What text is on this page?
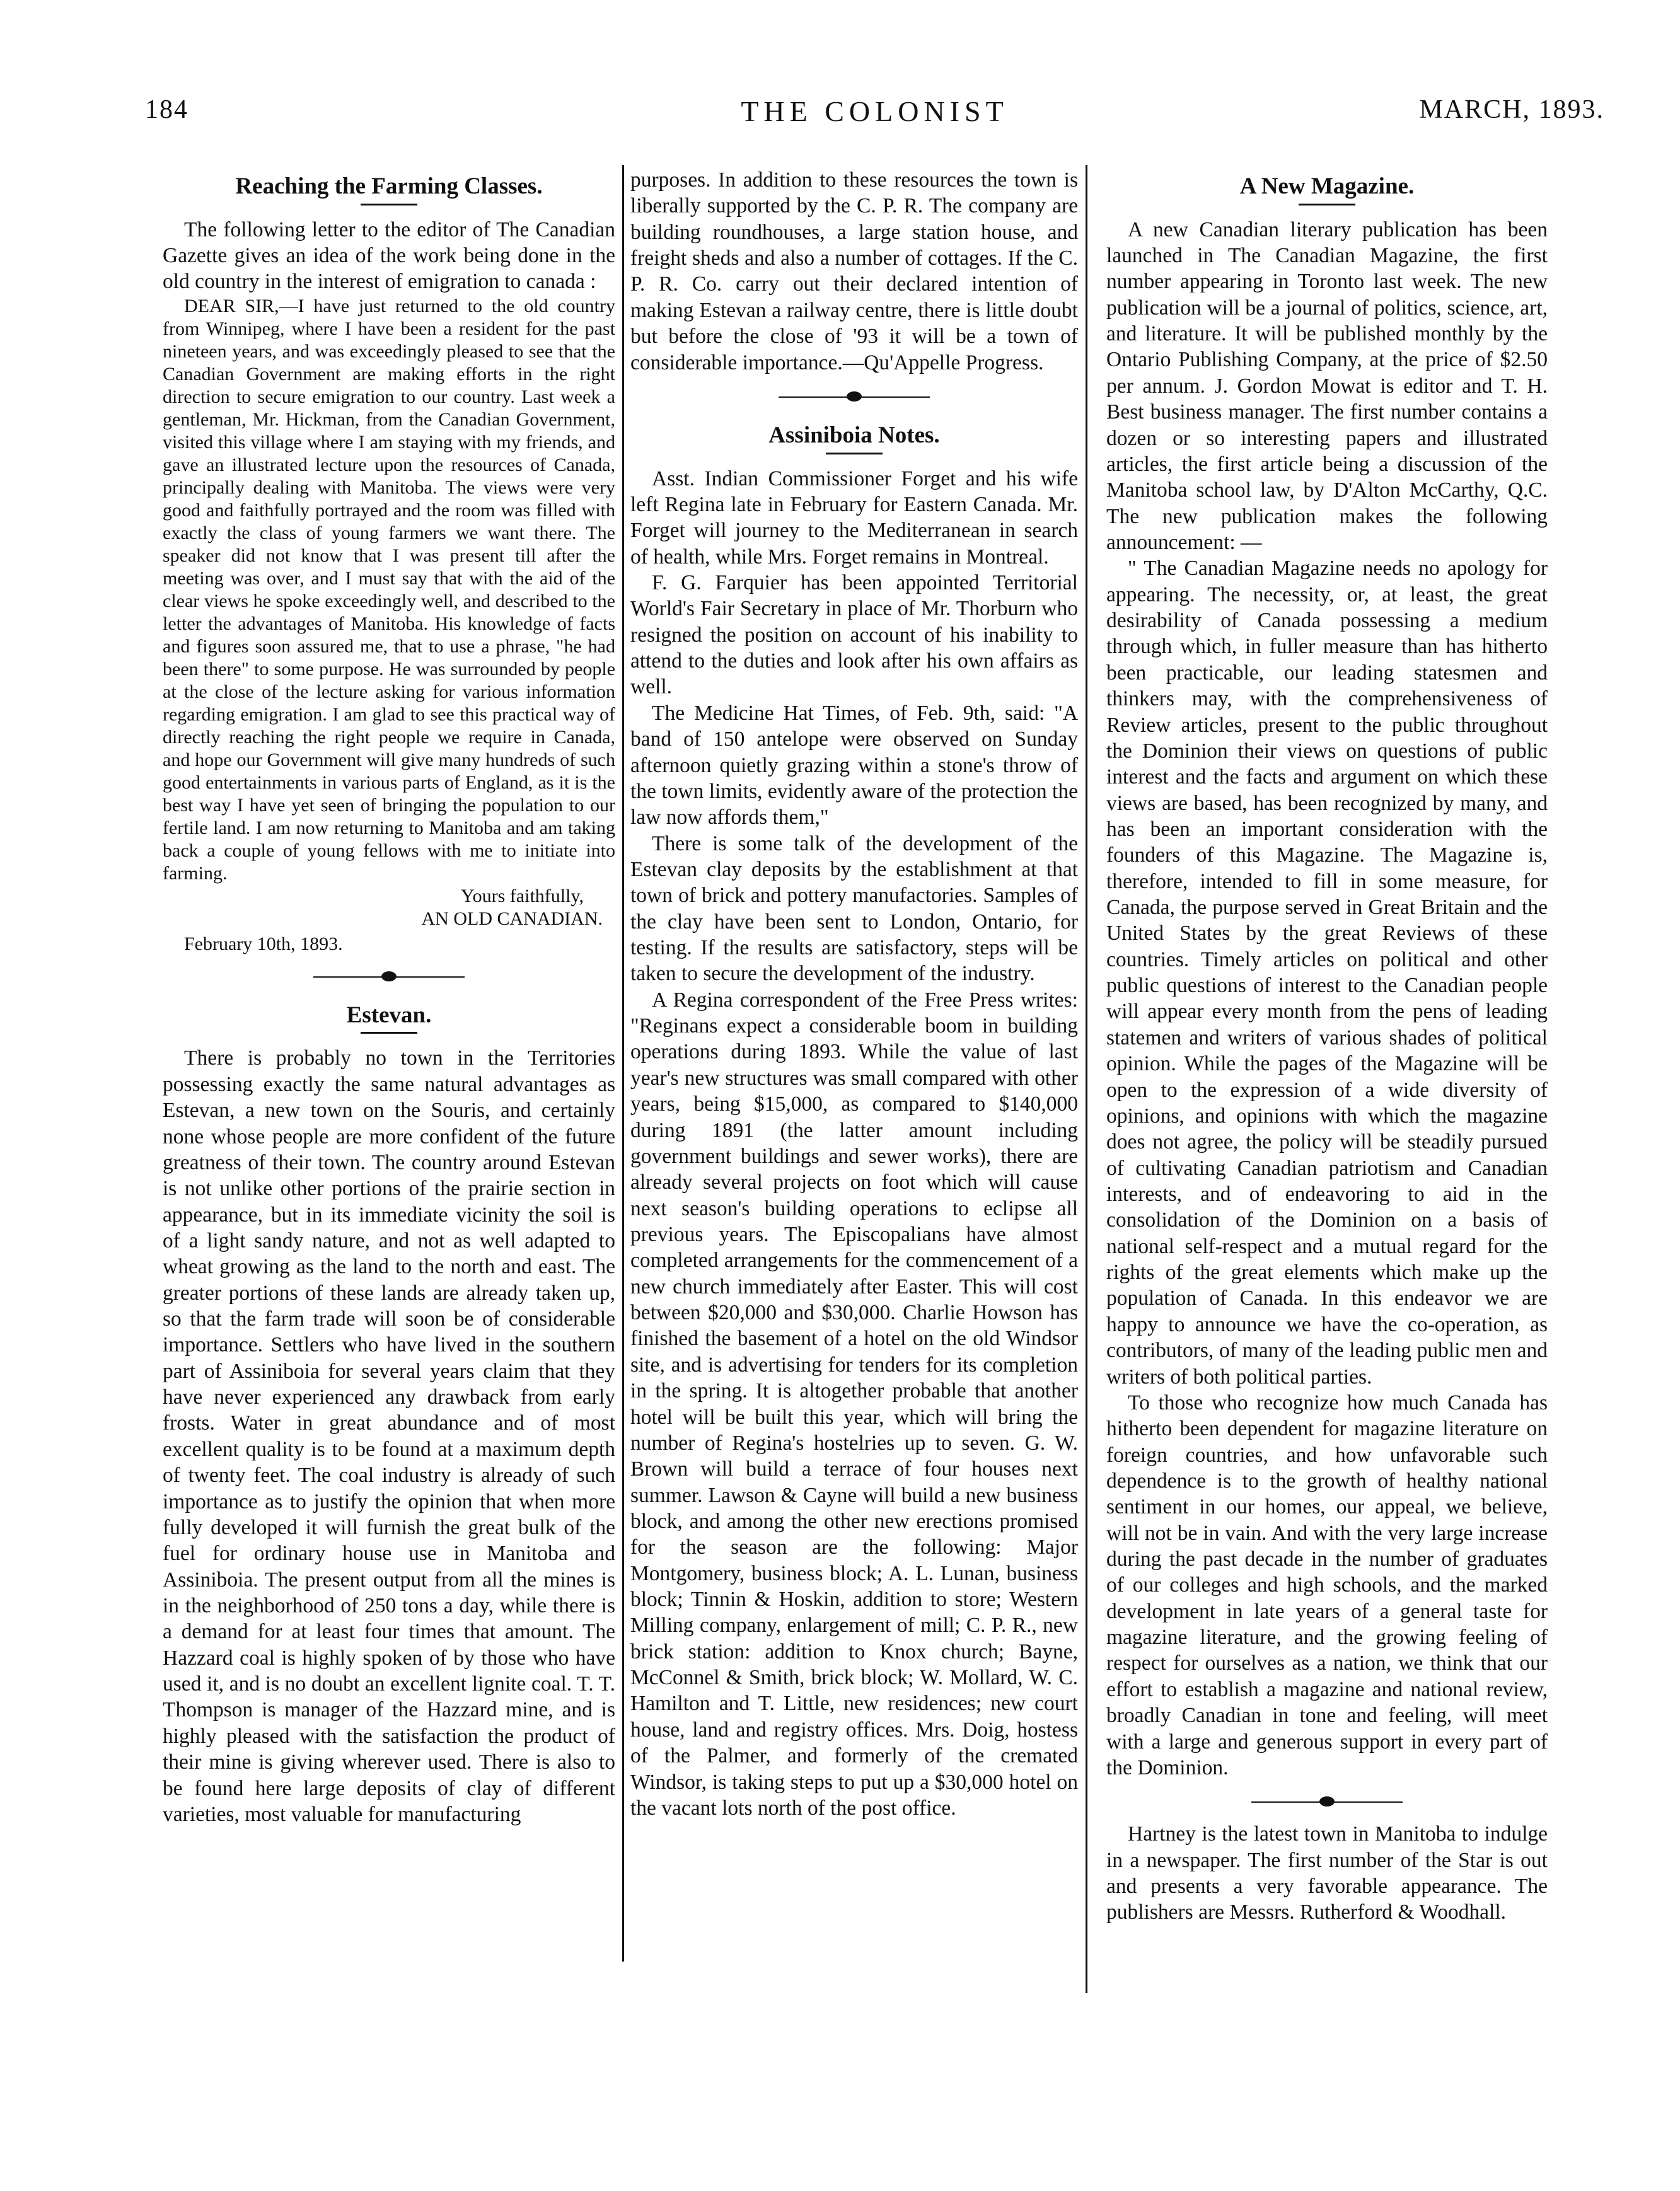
184	THE COLONIST	MARCH, 1893.
Reaching the Farming Classes.

The following letter to the editor of The Canadian Gazette gives an idea of the work being done in the old country in the interest of emigration to canada :

DEAR SIR,—I have just returned to the old country from Winnipeg, where I have been a resident for the past nineteen years, and was exceedingly pleased to see that the Canadian Government are making efforts in the right direction to secure emigration to our country. Last week a gentleman, Mr. Hickman, from the Canadian Government, visited this village where I am staying with my friends, and gave an illustrated lecture upon the resources of Canada, principally dealing with Manitoba. The views were very good and faithfully portrayed and the room was filled with exactly the class of young farmers we want there. The speaker did not know that I was present till after the meeting was over, and I must say that with the aid of the clear views he spoke exceedingly well, and described to the letter the advantages of Manitoba. His knowledge of facts and figures soon assured me, that to use a phrase, "he had been there" to some purpose. He was surrounded by people at the close of the lecture asking for various information regarding emigration. I am glad to see this practical way of directly reaching the right people we require in Canada, and hope our Government will give many hundreds of such good entertainments in various parts of England, as it is the best way I have yet seen of bringing the population to our fertile land. I am now returning to Manitoba and am taking back a couple of young fellows with me to initiate into farming.

Yours faithfully,

AN OLD CANADIAN.

February 10th, 1893.

Estevan.

There is probably no town in the Territories possessing exactly the same natural advantages as Estevan, a new town on the Souris, and certainly none whose people are more confident of the future greatness of their town. The country around Estevan is not unlike other portions of the prairie section in appearance, but in its immediate vicinity the soil is of a light sandy nature, and not as well adapted to wheat growing as the land to the north and east. The greater portions of these lands are already taken up, so that the farm trade will soon be of considerable importance. Settlers who have lived in the southern part of Assiniboia for several years claim that they have never experienced any drawback from early frosts. Water in great abundance and of most excellent quality is to be found at a maximum depth of twenty feet. The coal industry is already of such importance as to justify the opinion that when more fully developed it will furnish the great bulk of the fuel for ordinary house use in Manitoba and Assiniboia. The present output from all the mines is in the neighborhood of 250 tons a day, while there is a demand for at least four times that amount. The Hazzard coal is highly spoken of by those who have used it, and is no doubt an excellent lignite coal. T. T. Thompson is manager of the Hazzard mine, and is highly pleased with the satisfaction the product of their mine is giving wherever used. There is also to be found here large deposits of clay of different varieties, most valuable for manufacturing

purposes. In addition to these resources the town is liberally supported by the C. P. R. The company are building roundhouses, a large station house, and freight sheds and also a number of cottages. If the C. P. R. Co. carry out their declared intention of making Estevan a railway centre, there is little doubt but before the close of '93 it will be a town of considerable importance.—Qu'Appelle Progress.

Assiniboia Notes.

Asst. Indian Commissioner Forget and his wife left Regina late in February for Eastern Canada. Mr. Forget will journey to the Mediterranean in search of health, while Mrs. Forget remains in Montreal.

F. G. Farquier has been appointed Territorial World's Fair Secretary in place of Mr. Thorburn who resigned the position on account of his inability to attend to the duties and look after his own affairs as well.

The Medicine Hat Times, of Feb. 9th, said: "A band of 150 antelope were observed on Sunday afternoon quietly grazing within a stone's throw of the town limits, evidently aware of the protection the law now affords them,"

There is some talk of the development of the Estevan clay deposits by the establishment at that town of brick and pottery manufactories. Samples of the clay have been sent to London, Ontario, for testing. If the results are satisfactory, steps will be taken to secure the development of the industry.

A Regina correspondent of the Free Press writes: "Reginans expect a considerable boom in building operations during 1893. While the value of last year's new structures was small compared with other years, being $15,000, as compared to $140,000 during 1891 (the latter amount including government buildings and sewer works), there are already several projects on foot which will cause next season's building operations to eclipse all previous years. The Episcopalians have almost completed arrangements for the commencement of a new church immediately after Easter. This will cost between $20,000 and $30,000. Charlie Howson has finished the basement of a hotel on the old Windsor site, and is advertising for tenders for its completion in the spring. It is altogether probable that another hotel will be built this year, which will bring the number of Regina's hostelries up to seven. G. W. Brown will build a terrace of four houses next summer. Lawson & Cayne will build a new business block, and among the other new erections promised for the season are the following: Major Montgomery, business block; A. L. Lunan, business block; Tinnin & Hoskin, addition to store; Western Milling company, enlargement of mill; C. P. R., new brick station: addition to Knox church; Bayne, McConnel & Smith, brick block; W. Mollard, W. C. Hamilton and T. Little, new residences; new court house, land and registry offices. Mrs. Doig, hostess of the Palmer, and formerly of the cremated Windsor, is taking steps to put up a $30,000 hotel on the vacant lots north of the post office.

A New Magazine.

A new Canadian literary publication has been launched in The Canadian Magazine, the first number appearing in Toronto last week. The new publication will be a journal of politics, science, art, and literature. It will be published monthly by the Ontario Publishing Company, at the price of $2.50 per annum. J. Gordon Mowat is editor and T. H. Best business manager. The first number contains a dozen or so interesting papers and illustrated articles, the first article being a discussion of the Manitoba school law, by D'Alton McCarthy, Q.C. The new publication makes the following announcement: —

" The Canadian Magazine needs no apology for appearing. The necessity, or, at least, the great desirability of Canada possessing a medium through which, in fuller measure than has hitherto been practicable, our leading statesmen and thinkers may, with the comprehensiveness of Review articles, present to the public throughout the Dominion their views on questions of public interest and the facts and argument on which these views are based, has been recognized by many, and has been an important consideration with the founders of this Magazine. The Magazine is, therefore, intended to fill in some measure, for Canada, the purpose served in Great Britain and the United States by the great Reviews of these countries. Timely articles on political and other public questions of interest to the Canadian people will appear every month from the pens of leading statemen and writers of various shades of political opinion. While the pages of the Magazine will be open to the expression of a wide diversity of opinions, and opinions with which the magazine does not agree, the policy will be steadily pursued of cultivating Canadian patriotism and Canadian interests, and of endeavoring to aid in the consolidation of the Dominion on a basis of national self-respect and a mutual regard for the rights of the great elements which make up the population of Canada. In this endeavor we are happy to announce we have the co-operation, as contributors, of many of the leading public men and writers of both political parties.

To those who recognize how much Canada has hitherto been dependent for magazine literature on foreign countries, and how unfavorable such dependence is to the growth of healthy national sentiment in our homes, our appeal, we believe, will not be in vain. And with the very large increase during the past decade in the number of graduates of our colleges and high schools, and the marked development in late years of a general taste for magazine literature, and the growing feeling of respect for ourselves as a nation, we think that our effort to establish a magazine and national review, broadly Canadian in tone and feeling, will meet with a large and generous support in every part of the Dominion.

Hartney is the latest town in Manitoba to indulge in a newspaper. The first number of the Star is out and presents a very favorable appearance. The publishers are Messrs. Rutherford & Woodhall.
